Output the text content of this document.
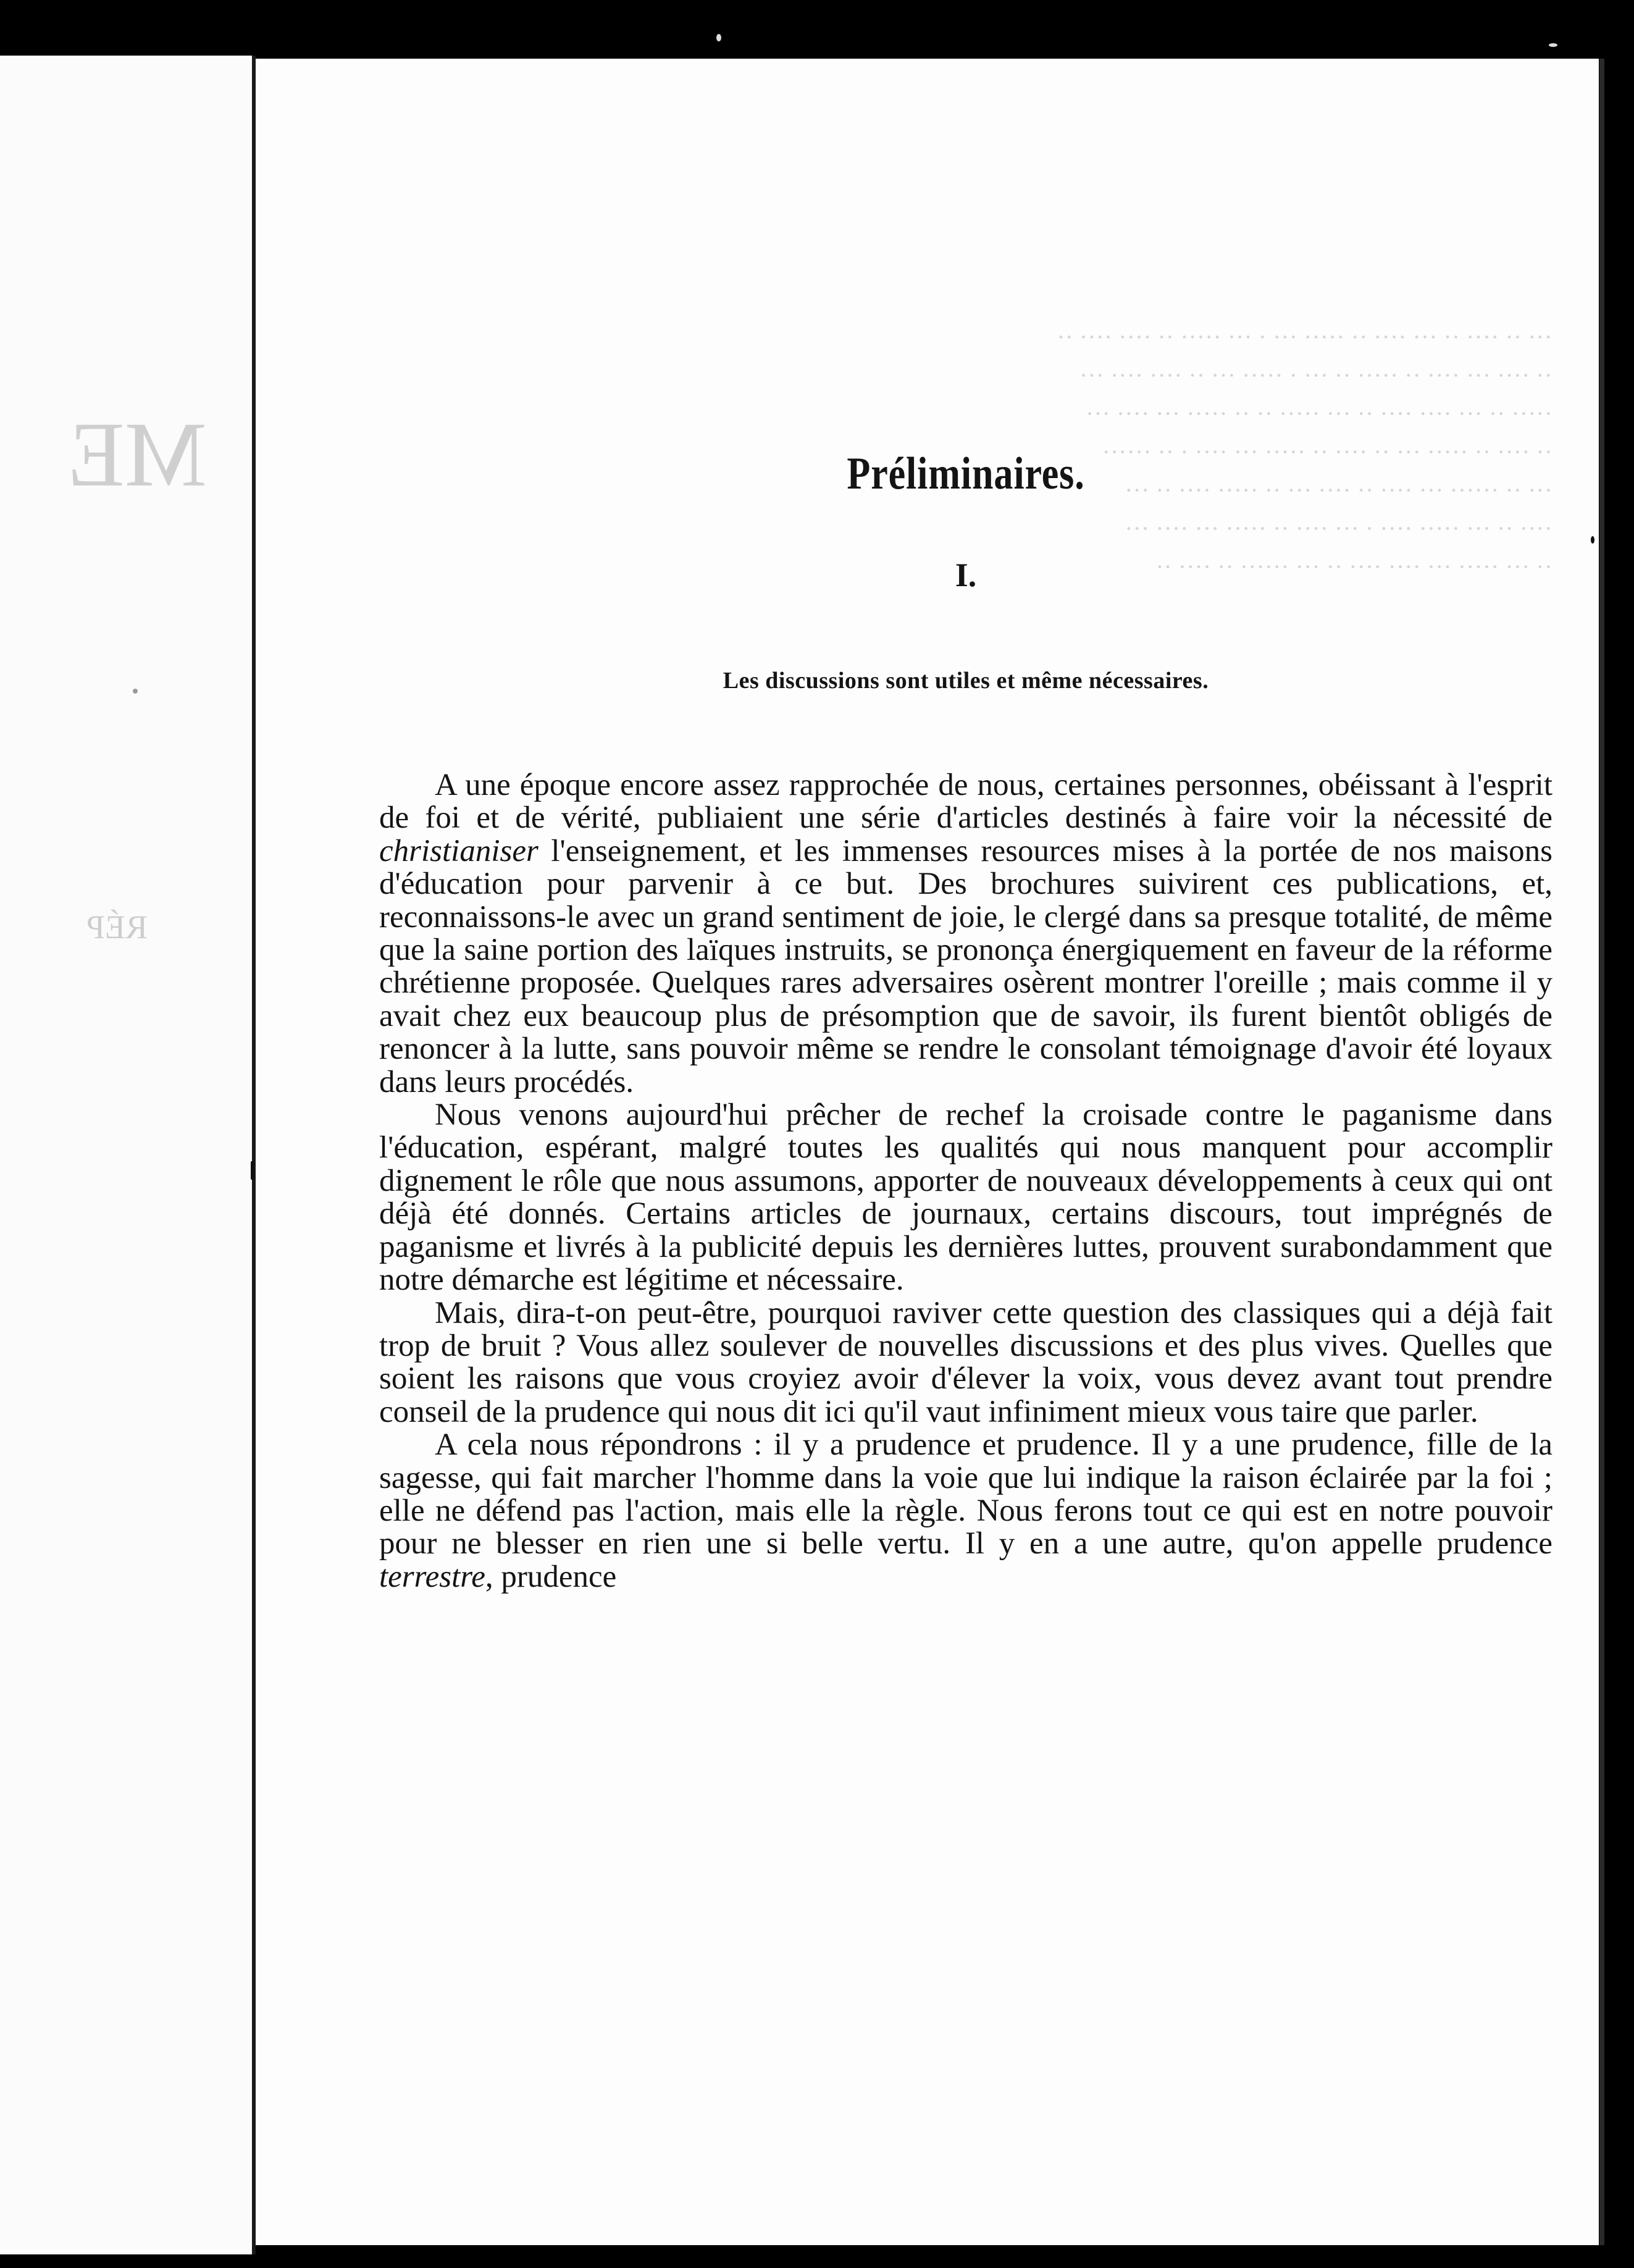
ME
RÉP
··· ·· ···· ·· ··· ···· ·· ····· ··· · ··· ····· ·· ···· ···· ··
·· ···· ··· ···· ·· ····· ·· ··· · ····· ··· ·· ···· ···· ···
····· ·· ··· ···· ···· ·· ··· ····· ·· ·· ····· ··· ···· ···
·· ···· ·· ····· ··· ·· ···· ·· ····· ··· ···· · ·· ······
··· ·· ······ ··· ···· ·· ···· ··· ·· ····· ···· ·· ···
···· ·· ··· ····· ···· · ··· ···· ·· ····· ··· ···· ···
·· ··· ····· ··· ···· ···· ·· ··· ······ ·· ···· ··
Préliminaires.
I.
Les discussions sont utiles et même nécessaires.

A une époque encore assez rapprochée de nous, certaines personnes, obéissant à l'esprit de foi et de vérité, publiaient une série d'articles destinés à faire voir la nécessité de christianiser l'enseignement, et les immenses resources mises à la portée de nos maisons d'éducation pour parvenir à ce but. Des brochures suivirent ces publications, et, reconnaissons-le avec un grand sentiment de joie, le clergé dans sa presque totalité, de même que la saine portion des laïques instruits, se prononça énergiquement en faveur de la réforme chrétienne proposée. Quelques rares adversaires osèrent montrer l'oreille ; mais comme il y avait chez eux beaucoup plus de présomption que de savoir, ils furent bientôt obligés de renoncer à la lutte, sans pouvoir même se rendre le consolant témoignage d'avoir été loyaux dans leurs procédés.

Nous venons aujourd'hui prêcher de rechef la croisade contre le paganisme dans l'éducation, espérant, malgré toutes les qualités qui nous manquent pour accomplir dignement le rôle que nous assumons, apporter de nouveaux développements à ceux qui ont déjà été donnés. Certains articles de journaux, certains discours, tout imprégnés de paganisme et livrés à la publicité depuis les dernières luttes, prouvent surabondamment que notre démarche est légitime et nécessaire.

Mais, dira-t-on peut-être, pourquoi raviver cette question des classiques qui a déjà fait trop de bruit ? Vous allez soulever de nouvelles discussions et des plus vives. Quelles que soient les raisons que vous croyiez avoir d'élever la voix, vous devez avant tout prendre conseil de la prudence qui nous dit ici qu'il vaut infiniment mieux vous taire que parler.

A cela nous répondrons : il y a prudence et prudence. Il y a une prudence, fille de la sagesse, qui fait marcher l'homme dans la voie que lui indique la raison éclairée par la foi ; elle ne défend pas l'action, mais elle la règle. Nous ferons tout ce qui est en notre pouvoir pour ne blesser en rien une si belle vertu. Il y en a une autre, qu'on appelle prudence terrestre, prudence
